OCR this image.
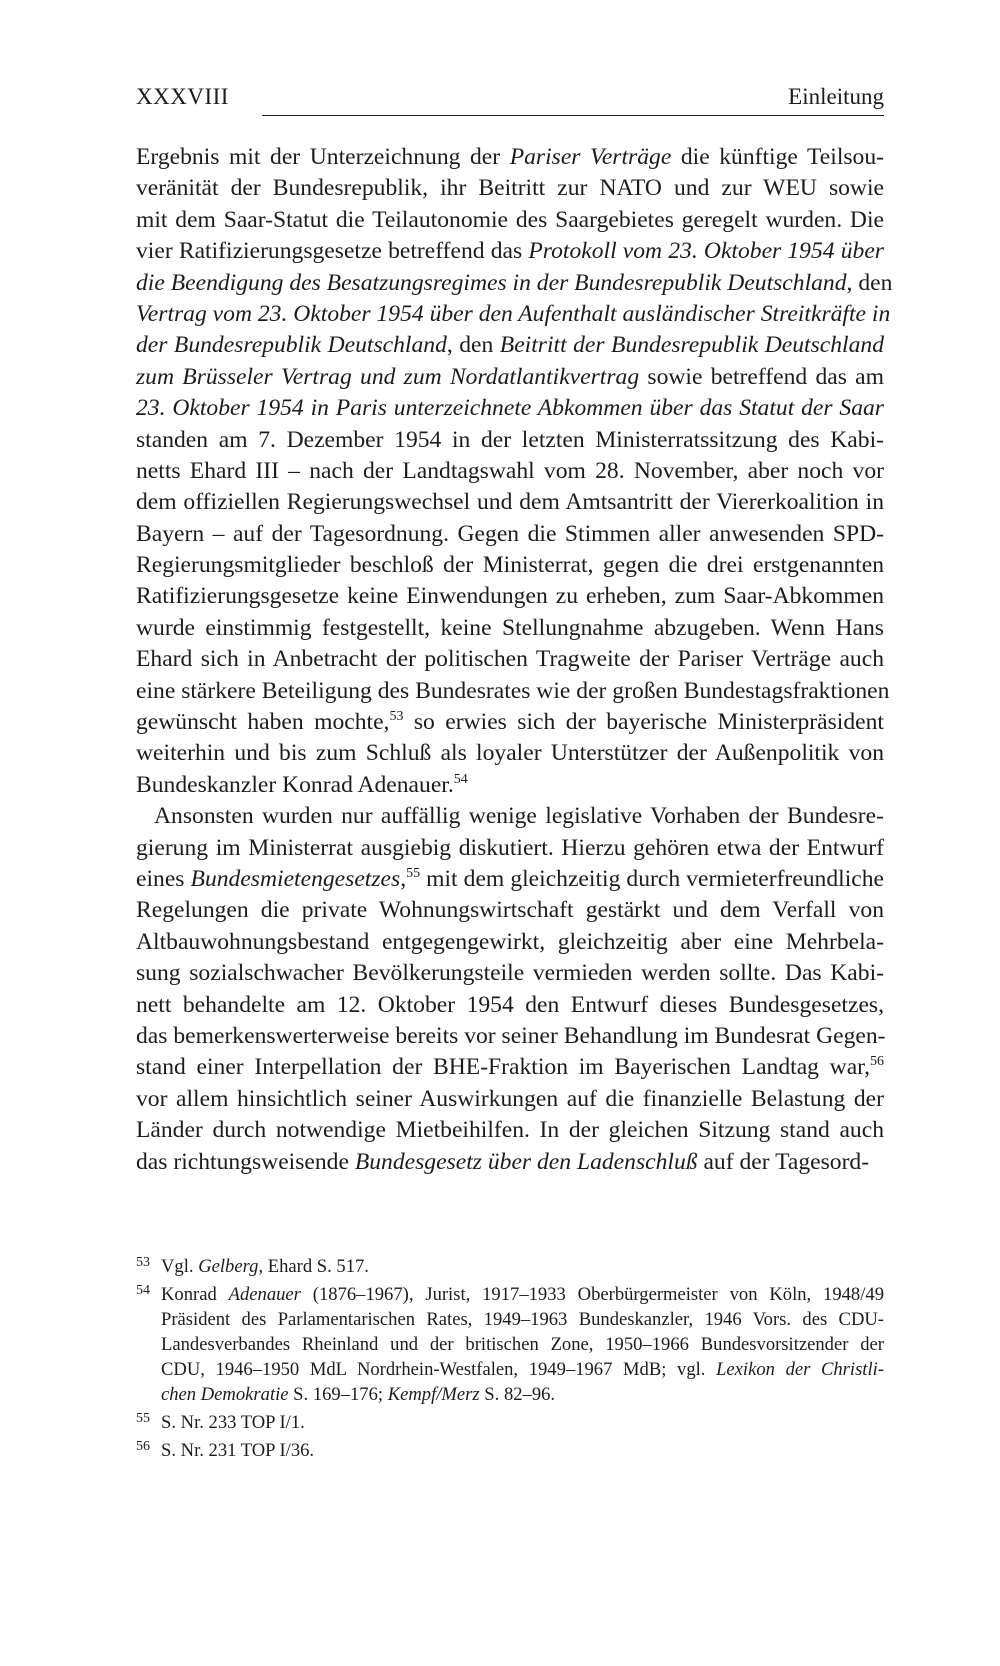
XXXVIII	Einleitung
Ergebnis mit der Unterzeichnung der Pariser Verträge die künftige Teilsou-
veränität der Bundesrepublik, ihr Beitritt zur NATO und zur WEU sowie
mit dem Saar-Statut die Teilautonomie des Saargebietes geregelt wurden. Die
vier Ratifizierungsgesetze betreffend das Protokoll vom 23. Oktober 1954 über
die Beendigung des Besatzungsregimes in der Bundesrepublik Deutschland, den
Vertrag vom 23. Oktober 1954 über den Aufenthalt ausländischer Streitkräfte in
der Bundesrepublik Deutschland, den Beitritt der Bundesrepublik Deutschland
zum Brüsseler Vertrag und zum Nordatlantikvertrag sowie betreffend das am
23. Oktober 1954 in Paris unterzeichnete Abkommen über das Statut der Saar
standen am 7. Dezember 1954 in der letzten Ministerratssitzung des Kabi-
netts Ehard III – nach der Landtagswahl vom 28. November, aber noch vor
dem offiziellen Regierungswechsel und dem Amtsantritt der Viererkoalition in
Bayern – auf der Tagesordnung. Gegen die Stimmen aller anwesenden SPD-
Regierungsmitglieder beschloß der Ministerrat, gegen die drei erstgenannten
Ratifizierungsgesetze keine Einwendungen zu erheben, zum Saar-Abkommen
wurde einstimmig festgestellt, keine Stellungnahme abzugeben. Wenn Hans
Ehard sich in Anbetracht der politischen Tragweite der Pariser Verträge auch
eine stärkere Beteiligung des Bundesrates wie der großen Bundestagsfraktionen
gewünscht haben mochte,$^{53}$ so erwies sich der bayerische Ministerpräsident
weiterhin und bis zum Schluß als loyaler Unterstützer der Außenpolitik von
Bundeskanzler Konrad Adenauer.$^{54}$
Ansonsten wurden nur auffällig wenige legislative Vorhaben der Bundesre-
gierung im Ministerrat ausgiebig diskutiert. Hierzu gehören etwa der Entwurf
eines Bundesmietengesetzes,$^{55}$ mit dem gleichzeitig durch vermieterfreundliche
Regelungen die private Wohnungswirtschaft gestärkt und dem Verfall von
Altbauwohnungsbestand entgegengewirkt, gleichzeitig aber eine Mehrbela-
sung sozialschwacher Bevölkerungsteile vermieden werden sollte. Das Kabi-
nett behandelte am 12. Oktober 1954 den Entwurf dieses Bundesgesetzes,
das bemerkenswerterweise bereits vor seiner Behandlung im Bundesrat Gegen-
stand einer Interpellation der BHE-Fraktion im Bayerischen Landtag war,$^{56}$
vor allem hinsichtlich seiner Auswirkungen auf die finanzielle Belastung der
Länder durch notwendige Mietbeihilfen. In der gleichen Sitzung stand auch
das richtungsweisende Bundesgesetz über den Ladenschluß auf der Tagesord-
53 Vgl. Gelberg, Ehard S. 517.
54 Konrad Adenauer (1876–1967), Jurist, 1917–1933 Oberbürgermeister von Köln, 1948/49
Präsident des Parlamentarischen Rates, 1949–1963 Bundeskanzler, 1946 Vors. des CDU-
Landesverbandes Rheinland und der britischen Zone, 1950–1966 Bundesvorsitzender der
CDU, 1946–1950 MdL Nordrhein-Westfalen, 1949–1967 MdB; vgl. Lexikon der Christli-
chen Demokratie S. 169–176; Kempf/Merz S. 82–96.
55 S. Nr. 233 TOP I/1.
56 S. Nr. 231 TOP I/36.
